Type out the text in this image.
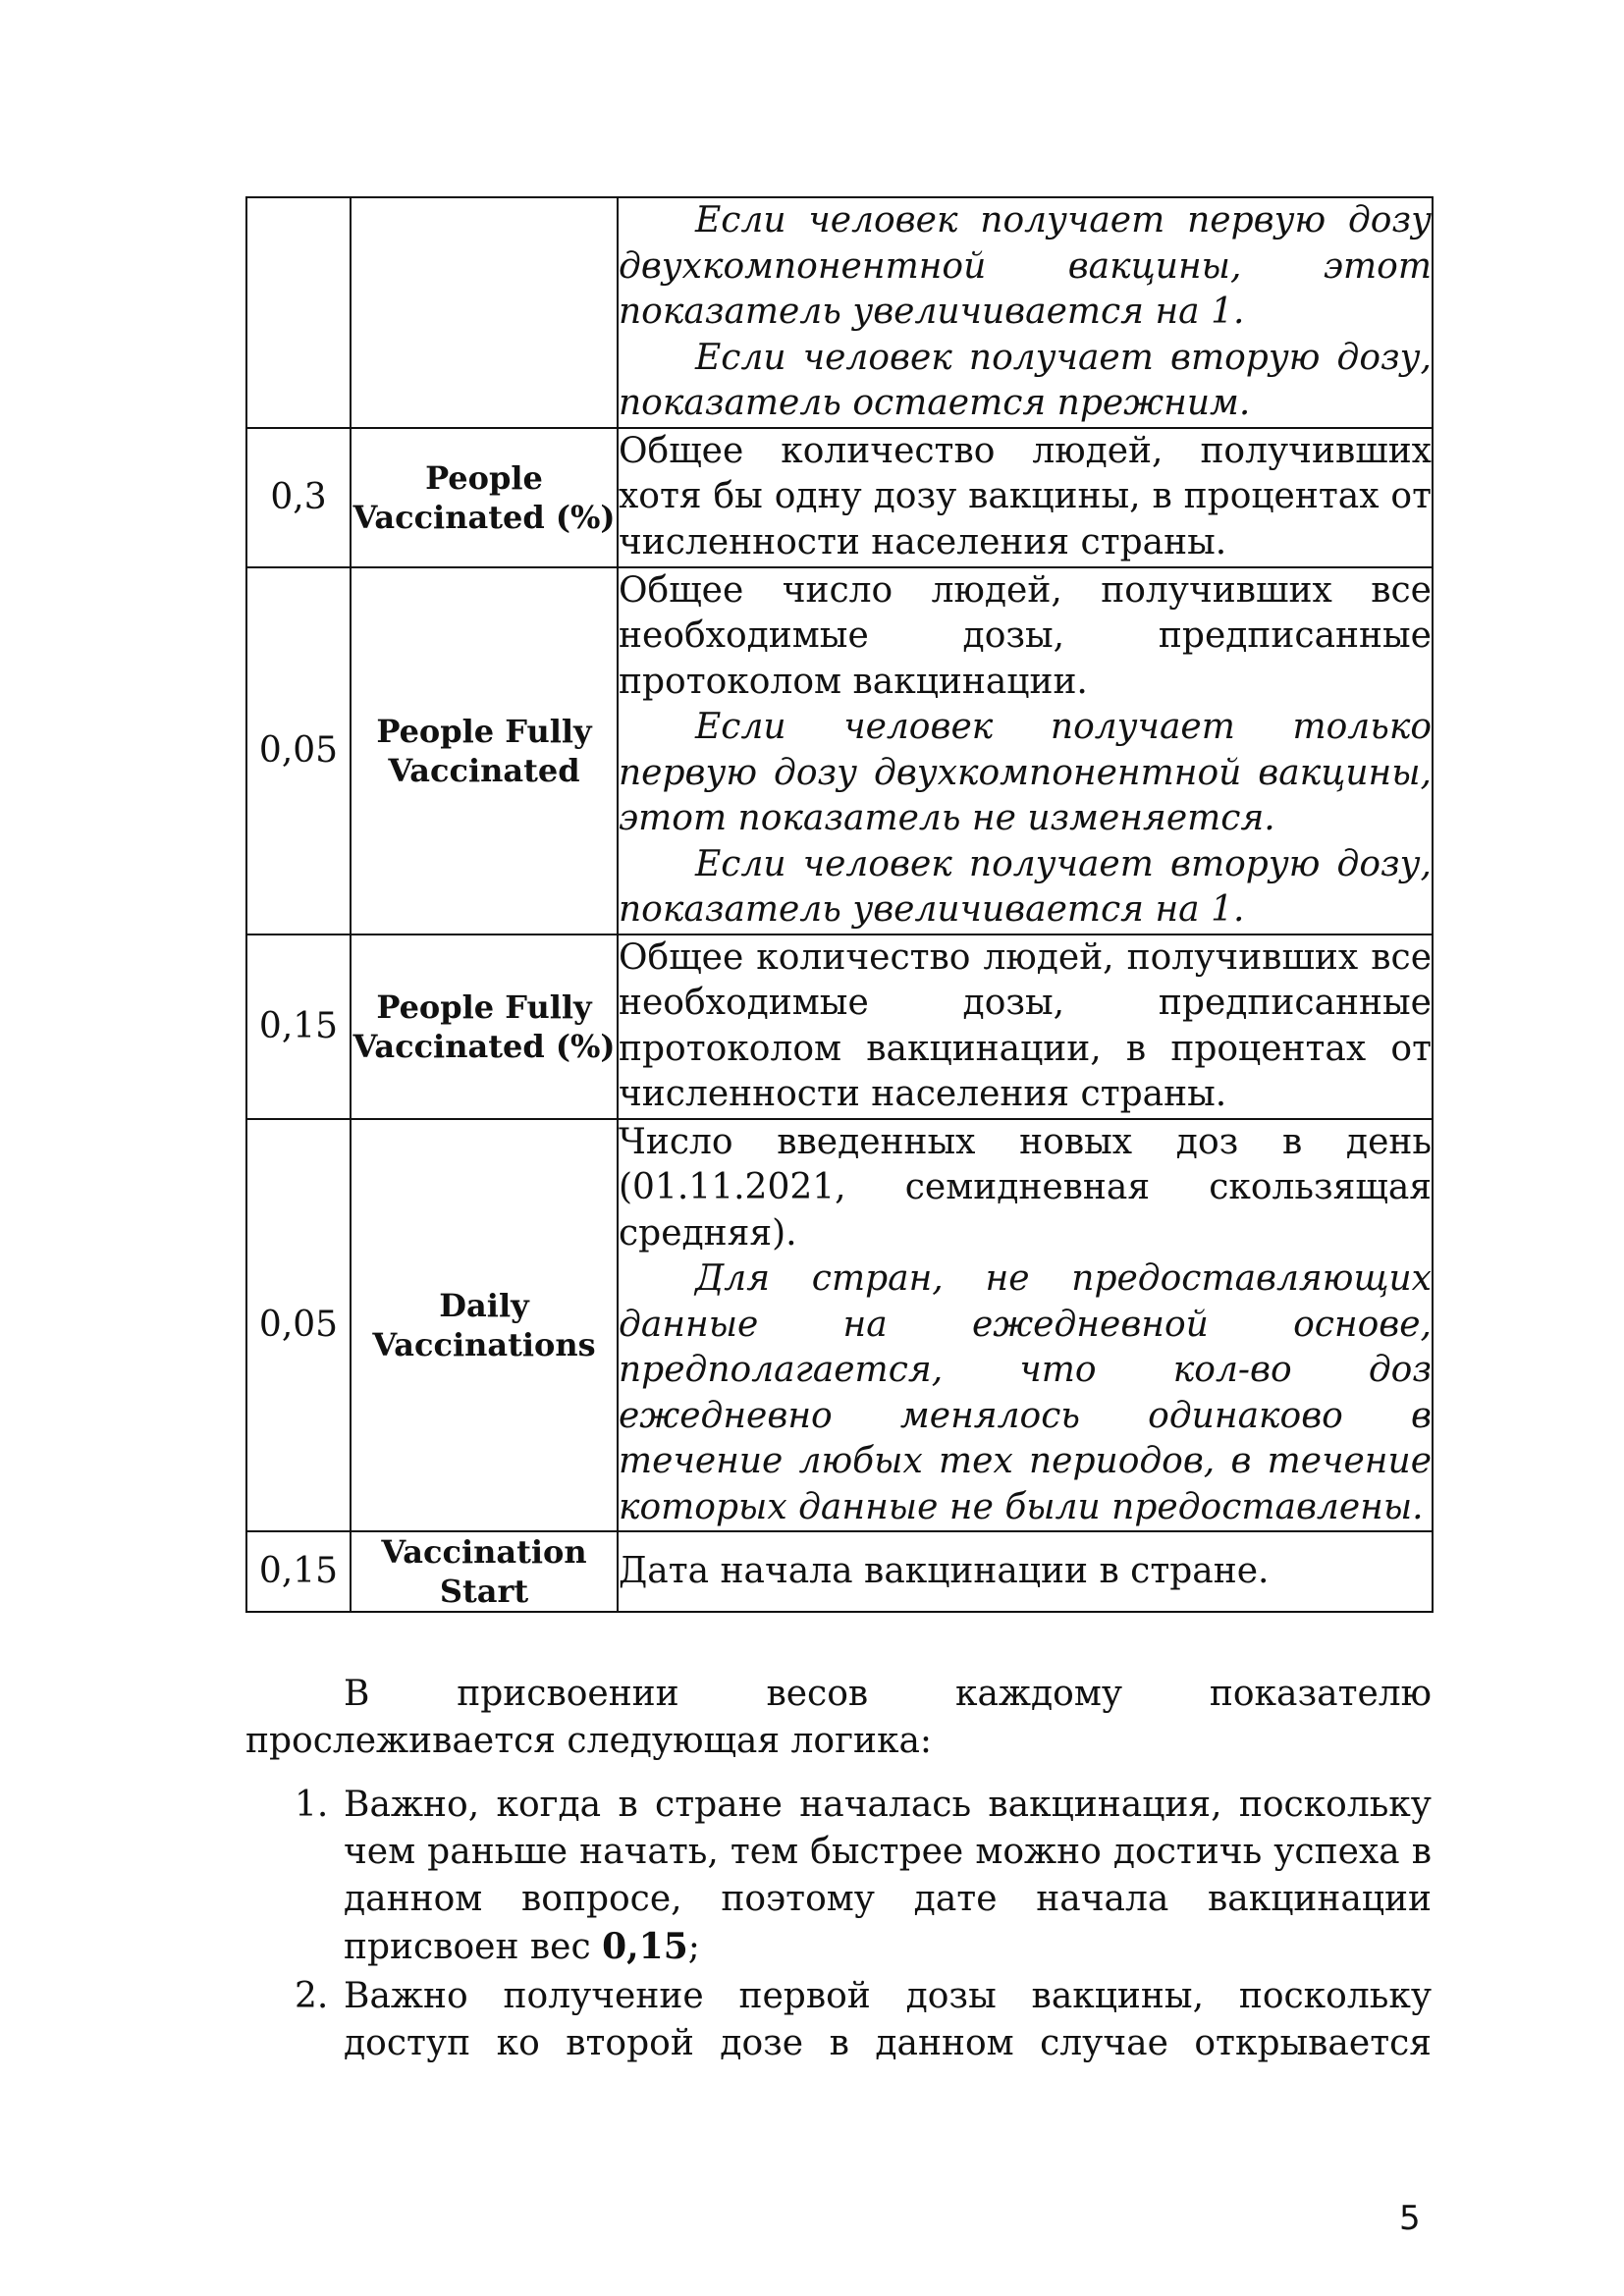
		Если человек получает первую дозу двухкомпонентной вакцины, этот показатель увеличивается на 1.

Если человек получает вторую дозу, показатель остается прежним.

0,3	People Vaccinated (%)	Общее количество людей, получивших хотя бы одну дозу вакцины, в процентах от численности населения страны.

0,05	People Fully Vaccinated	Общее число людей, получивших все необходимые дозы, предписанные протоколом вакцинации.

Если человек получает только первую дозу двухкомпонентной вакцины, этот показатель не изменяется.

Если человек получает вторую дозу, показатель увеличивается на 1.

0,15	People Fully Vaccinated (%)	Общее количество людей, получивших все необходимые дозы, предписанные протоколом вакцинации, в процентах от численности населения страны.

0,05	Daily Vaccinations	Число введенных новых доз в день (01.11.2021, семидневная скользящая средняя).

Для стран, не предоставляющих данные на ежедневной основе, предполагается, что кол-во доз ежедневно менялось одинаково в течение любых тех периодов, в течение которых данные не были предоставлены.

0,15	Vaccination Start	Дата начала вакцинации в стране.

В присвоении весов каждому показателю прослеживается следующая логика:

1. Важно, когда в стране началась вакцинация, поскольку чем раньше начать, тем быстрее можно достичь успеха в данном вопросе, поэтому дате начала вакцинации присвоен вес 0,15;
2. Важно получение первой дозы вакцины, поскольку доступ ко второй дозе в данном случае открывается
5
